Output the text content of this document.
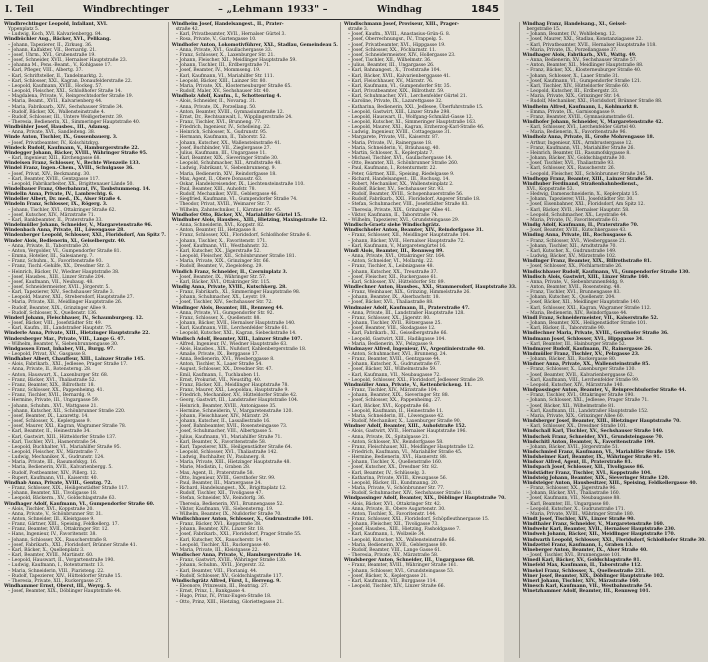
I. Teil	Windbrechtinger	– „Lehmann 1933" –	Windhag	1845
Windbrechtinger Leopold, Infallant, XVI.
Yppenplatz 5.
– Ludwig, Koch, XVI. Kalvarienbergg. 84.
Windbüchler Aug., Bäcker, XVI., Pelikang.
– Johann, Tapezierer, II., Zirkusg. 36.
– Johann, Kalfakter, VII., Bernardg. 21.
– Josef, Uhrm., XVI., Grubenstraße 19.
– Josef, Schneider, XVII., Hernalser Hauptstraße 23.
– Johanna M., Pens.-Beamt., V., Kohlgasse 17.
– Karl, Pfleger, VIII., Albertg. 37.
– Karl, Schriftsteller, II., Tandelmarktg. 2.
– Karl, Schlosser, XXI., Kagran, Donaufelderstraße 22.
– Leopold, Kaufmann, XVIII., Hockeg. 57.
– Leopold, Fleischer, XXI., Schloßhofer Straße 14.
– Magdalena, Private, V., Reinprechtsdorfer Straße 19.
– Maria, Beamt., XVII., Kalvarienberg 44.
– Maria, Fabriksarb., XIV., Sechshauser Straße 34.
– Rudolf, Bäcker, XX., Wallensteinstraße 4.
– Rudolf, Schlosser, III., Untere Weißgerberstr. 39.
– Theresia, Bedienerin, XI., Simmeringer Hauptstraße 40.
Windbühler Josef, Hausbes., III., Adamsg.
– Anna, Private, XVI., Sandleiteng. 38.
Winde Anton, Tischler, IX., Gussenbauerg. 3.
– Josef, Privatbeamter, IV., Kolschitzkyg.
Windeck Rudolf, Kaufmann, V., Hamburgerstraße 22.
Windegger Johann, Bäcker, XVIII., Währinger Straße 95.
– Karl, Ingenieur, XIII., Kirchengasse 68.
Windeisen Franz, Schlosser, V., Rechte Wienzeile 133.
Windel Franz, Ingen.-Chem., XVIII., Schulgasse 36.
– Josef, Privat, XIV., Beckmanng. 30.
– Karl, Beamter, XVIII., Gentzgasse 117.
– Leopold, Fabrikarbeiter, XX., Brigittenauer Lände 50.
Windelbauer Franz, Oberbahnrat, IV., Taubstummeng. 14.
Windelin Anna, Private, IV., Lambrechtg. 6.
Windeller Albert, Dr. med., IX., Alser Straße 4.
Windeln Franz, Schlosser, IX., Rögerg. 3.
– Johann, Tischler, XVI., Ottakringer Straße 62.
– Josef, Kutscher, XIV., Märzstraße 71.
– Karl, Bankbeamter, II., Praterstraße 33.
Windelmüller Johann, Schneider, V., Margaretenstraße 96.
Windenbach Anna, Private, III., Löwengasse 28.
Windenberger Leopold, Schlosser, XXI., Floridsdorf, Am Spitz 7.
Winder Alois, Bedienerin, XI., Geiselbergstr. 40.
– Anna, Private, II., Taborstraße 20.
– Anton, Vergolder, VI., Gumpendorfer Straße 81.
– Emma, Hotelier, III., Salesianerg. 7.
– Franz, Schuhm., X., Favoritenstraße 93.
– Franz, Tischl.-Gehilfe, XX., Dresdner Str. 3.
– Heinrich, Bäcker, IV., Wiedner Hauptstraße 38.
– Josef, Hausbes., XIII., Linzer Straße 204.
– Josef, Kaufmann, VII., Neubaug. 48.
– Josef, Schneidermeister, XVII., Jörgerstr. 5.
– Karl, Tapezierer, XIV., Sechshauser Straße 3.
– Leopold, Maurer, XXI., Strebersdorf, Hauptstraße 27.
– Maria, Private, XII., Meidlinger Hauptstraße 26.
– Rudolf, Beamter, XIX., Grinzinger Allee 9.
– Rudolf, Schlosser, X., Quellenstr. 136.
Winderl Johann, Fleischhauer, IV., Schaumburgerg. 12.
– Josef, Bäcker, VIII., Josefstädter Str. 49.
– Karl, Kaufm., III., Landstraßer Hauptstr. 75.
Winderle Anna, Private, XIII., Hietzinger Hauptstraße 22.
Windersberger Mar., Private, VIII., Lange G. 47.
– Wilhelm, Beamter, V., Siebenbrunnengasse 30.
Windgassen Ernst, Inhaber, VII., Burgg. 97.
– Leopold, Privat, XV., Gasgasse 8.
Windhaber Albert, Chauffeur, XIII., Lainzer Straße 145.
– Alois, Fabrikarb., XXI., Jedlesee, Prager Straße 17.
– Anna, Private, II., Rotensterng. 28.
– Anton, Hauswart, X., Laxenburger Str. 68.
– Franz, Bäcker, XVI., Thaliastraße 52.
– Franz, Beamter, XIX., Billrothstr. 18.
– Franz, Schlosser, XX., Pappenheimg. 41.
– Franz, Tischler, XVII., Bernardg. 9.
– Hermine, Private, III., Ungargasse 59.
– Johann, Schuhm., XVI., Wattgasse 21.
– Johann, Kutscher, XII., Schönbrunner Straße 220.
– Josef, Beamter, IX., Lazarettg. 14.
– Josef, Schlosser, X., Keplergasse 9.
– Josef, Maurer, XXI., Kagran, Wagramer Straße 78.
– Karl, Beamter, II., Heinestraße 34.
– Karl, Gastwirt, XIII., Hütteldorfer Straße 137.
– Karl, Tischler, XVI., Hasnerstraße 54.
– Leopold, Buchhalter, VI., Mariahilfer Straße 95.
– Leopold, Fleischer, XV., Märzstraße 7.
– Ludwig, Mechaniker, X., Gudrunstr. 124.
– Maria, Private, III., Rasumofskyg. 16.
– Maria, Bedienerin, XVII., Kalvarienbergg. 5.
– Rudolf, Postbeamter, XIV., Pillerg. 12.
– Rupert, Kaufmann, VII., Kaiserstr. 40.
Windhab Anna, Private, XVIII., Gentzg. 72.
– Franz, Schlosser, XIX., Heiligenstädter Straße 117.
– Johann, Beamter, XII., Tivoligasse 18.
– Leopold, Bäckerm., XV., Goldschlagstraße 63.
Windhager Adolf, Kaufmann, VI., Gumpendorfer Straße 60.
– Alois, Tischler, XVI., Koppstraße 20.
– Anna, Private, V., Schönbrunner Str. 31.
– Anton, Schneider, III., Kleistgasse 9.
– Franz, Gärtner, XIII., Speising, Feldkellerg. 17.
– Franz, Beamter, XVII., Ottakringer Str. 12.
– Hans, Ingenieur, IV., Favoritenstr. 38.
– Johann, Schlosser, XX., Rauscherstraße 8.
– Josef, Fabrikarb., XXI., Floridsdorf, Brünner Straße 41.
– Karl, Bäcker, X., Quellenplatz 3.
– Karl, Beamter, XVIII., Martinstr. 60.
– Leopold, Hauswart, II., Vorgartenstraße 190.
– Ludwig, Kaufmann, I., Rotenturmstr. 13.
– Maria, Schneiderin, VIII., Piaristeng. 22.
– Rudolf, Tapezierer, XIV., Hütteldorfer Straße 15.
– Theresia, Private, XII., Ruckergasse 27.
Windhammer Ernst, Oberst, III., Weyrg. 5.
– Josef, Beamter, XIX., Döblinger Hauptstraße 44.
Windheim Josef, Handelsangest., II., Prater-
straße 42.
– Karl, Privatbeamter, XVII., Hernalser Gürtel 3.
– Rosa, Private, V., Gartengasse 10.
Windhofer Anton, Lokomotivführer, XXI., Stadlau, Gemeindeau 5.
– Anna, Private, XVI., Gaullachergasse 33.
– Franz, Schlosser, X., Laxenburger Str. 21.
– Johann, Fleischer, XII., Meidlinger Hauptstraße 59.
– Johann, Tischler, III., Erdbergstraße 71.
– Josef, Beamter, IV., Mommseng. 19.
– Karl, Kaufmann, VI., Mariahilfer Str. 111.
– Leopold, Bäcker, XIII., Lainzer Str. 80.
– Maria, Private, XX., Klosterneuburger Straße 65.
– Rudolf, Maler, XV., Sechshauser Str. 40.
Windholz Adolf, Kaufm., I., Schottenring 4.
– Alois, Schneider, II., Novarag. 31.
– Anna, Private, IX., Porzellang. 50.
– Anton, Beamter, XVIII., Gymnasiumstraße 12.
– Ernst, Dr., Rechtsanwalt, I., Wipplingerstraße 24.
– Franz, Tischler, XVI., Brunneng. 77.
– Friedrich, Ingenieur, IV., Schelleing. 22.
– Heinrich, Schlosser, X., Gudrunstr. 95.
– Hermann, Kaufmann, II., Taborstr. 52.
– Johann, Kutscher, XX., Wallensteinstraße 41.
– Josef, Buchbinder, VII., Zieglergasse 27.
– Julius, Kaufmann, III., Ungargasse 11.
– Karl, Beamter, XIX., Sieveringer Straße 30.
– Leopold, Schuhmacher, XII., Arndtstraße 48.
– Ludwig, Fabrikant, V., Siebenbrunneng. 9.
– Maria, Bedienerin, XIV., Reindorfgasse 18.
– Max, Agent, II., Obere Donaustr. 63.
– Oskar, Handelsreisender, IX., Liechtensteinstraße 110.
– Paul, Beamter, XIII., Auhofstr. 78.
– Rudolf, Mechaniker, XVII., Geblergasse 46.
– Siegfried, Kaufmann, VI., Gumpendorfer Straße 74.
– Theodor, Privat, XVIII., Weimarer Str. 7.
– Wilhelm, Zahntechniker, I., Kärntner Str. 45.
Windhofer Otto, Bäcker, XV., Mariahilfer Gürtel 15.
Windhuber Alois, Hausbes., XIII., Hietzing, Maxingstraße 12.
– Anna, Schneiderin, XVI., Koppstr. 82.
– Anton, Beamter, III., Hetzgasse 8.
– Franz, Schlosser, XXI., Floridsdorf, Schloßhofer Straße 6.
– Johann, Tischler, X., Favoritenstr. 171.
– Josef, Kaufmann, VII., Westbahnstr. 32.
– Karl, Kutscher, XX., Jägerstraße 52.
– Leopold, Fleischer, XII., Schönbrunner Straße 181.
– Maria, Private, XIX., Grinzinger Str. 66.
– Rudolf, Beamter, V., Ziegelofeng. 29.
Windich Franz, Schneider, II., Czerninplatz 3.
– Josef, Beamter, IX., Währinger Str. 57.
– Karl, Bäcker, XVI., Ottakringer Str. 115.
Windig Anna, Private, XVIII., Kutschkerg. 28.
– Franz, Fabrikarb., XI., Simmeringer Hauptstraße 98.
– Johann, Schuhmacher, XX., Leystr. 19.
– Josef, Tischler, XIV., Sechshauser Str. 72.
Windinger Alois, Beamter, III., Rennweg 44.
– Anna, Private, VI., Gumpendorfer Str. 92.
– Franz, Schlosser, X., Quellenstr. 88.
– Johann, Bäcker, XVII., Hernalser Hauptstraße 140.
– Karl, Kaufmann, VIII., Lerchenfelder Straße 61.
– Leopold, Kutscher, XXI., Kagran, Siebeckstraße 14.
Windisch Adolf, Beamter, XIII., Lainzer Straße 107.
– Alfred, Ingenieur, IV., Wiedner Hauptstraße 63.
– Alois, Hausbes., XIX., Nußdorf, Kahlenbergerstraße 18.
– Amalie, Private, IX., Berggasse 17.
– Anna, Bedienerin, XVI., Wiesberggasse 8.
– Anton, Tischler, X., Laaer Straße 54.
– August, Schlosser, XX., Dresdner Str. 47.
– Emil, Kaufmann, I., Tuchlauben 11.
– Ernst, Prokurist, VII., Neustiftg. 40.
– Franz, Bäcker, XII., Meidlinger Hauptstraße 78.
– Franz, Maurer, XXI., Leopoldau, Hauptstraße 9.
– Friedrich, Mechaniker, XV., Hütteldorfer Straße 42.
– Georg, Gastwirt, III., Landstraßer Hauptstraße 104.
– Heinrich, Beamter, XVIII., Antonigasse 35.
– Hermine, Schneiderin, V., Margaretenstraße 120.
– Johann, Fleischhauer, XIV., Märzstr. 29.
– Johann, Kutscher, II., Lassallestraße 16.
– Josef, Bahnbeamter, XVII., Rosensteingasse 73.
– Josef, Schuhmacher, VIII., Albertgasse 5.
– Julius, Kaufmann, VI., Mariahilfer Straße 71.
– Karl, Beamter, X., Favoritenstraße 58.
– Karl, Tapezierer, XIX., Heiligenstädter Straße 64.
– Leopold, Schlosser, XVI., Thaliastraße 142.
– Ludwig, Buchhalter, IV., Paulanerg. 8.
– Maria, Private, XIII., Hietzinger Hauptstraße 48.
– Marie, Modistin, I., Graben 28.
– Max, Agent, II., Praterstraße 58.
– Otto, Ingenieur, XVIII., Gersthofer Str. 99.
– Paul, Beamter, III., Marxergasse 24.
– Richard, Handelsangest., XX., Brigittaplatz 12.
– Rudolf, Tischler, XII., Tivoligasse 47.
– Stefan, Schneider, XV., Reindorfg. 36.
– Theresia, Bedienerin, XVI., Brunnengasse 52.
– Viktor, Kaufmann, VII., Siebensterng. 19.
– Wilhelm, Beamter, IX., Nußdorfer Straße 70.
Windischbauer Anton, Schlosser, X., Gudrunstraße 101.
– Franz, Bäcker, XVI., Koppstraße 38.
– Johann, Beamter, XIV., Linzer Str. 18.
– Josef, Fabrikarb., XXI., Floridsdorf, Prager Straße 55.
– Karl, Kutscher, XX., Rauscherstr. 14.
– Leopold, Tischler, XII., Ruckergasse 40.
– Maria, Private, III., Kleistgasse 22.
Windischer Anna, Private, V., Hamburgerstraße 14.
– Franz, Gastwirt, XVIII., Währinger Straße 130.
– Johann, Schuhm., XVII., Jörgerstr. 32.
– Karl, Beamter, VIII., Florianig. 44.
– Rudolf, Schlosser, XV., Goldschlagstraße 117.
Windischgrätz Alfred, Fürst, I., Herreng. 9.
– Eleonore, Prinzessin, III., Beatrixg. 27.
– Ernst, Prinz, I., Bankgasse 4.
– Hugo, Prinz, IV., Prinz-Eugen-Straße 18.
– Otto, Prinz, XIII., Hietzing, Gloriettegasse 21.
Windischmann Josef, Proviseur, XIII., Prager-
straße 3.
– Josef, Kaufm., XVIII., Anastasius-Grün-G. 8.
– Josef, Oberrechnungsr., IV., Trappelg. 5.
– Josef, Privatbeamter, XVI., Hippgasse 19.
– Josef, Schlosser, XX., Pöchlarnstr. 11.
– Josef, Schneidermeister, XIV., Hollergasse 23.
– Josef, Tischler, XII., Wilhelmstr. 36.
– Julius, Beamter, III., Ungargasse 26.
– Karl, Bahnangest., X., Troststraße 104.
– Karl, Bäcker, XVII., Kalvarienberggasse 41.
– Karl, Fleischhauer, XV., Märzstr. 76.
– Karl, Kaufmann, VI., Gumpendorfer Str. 35.
– Karl, Privatbeamter, XIX., Billrothstr. 59.
– Karl, Schuhmacher, XVI., Lerchenfelder Gürtel 21.
– Karoline, Private, IX., Lazarettgasse 32.
– Katharina, Bedienerin, XXI., Jedlesee, Überfuhrstraße 15.
– Leopold, Gastwirt, XIII., Linzer Straße 298.
– Leopold, Hauswart, II., Wolfgang-Schmälzl-Gasse 12.
– Leopold, Kutscher, XI., Simmeringer Hauptstraße 163.
– Leopold, Maurer, XXI., Kagran, Erzherzog-Karl-Straße 46.
– Ludwig, Ingenieur, XVIII., Cottagegasse 31.
– Margarete, Private, VII., Kaiserstr. 87.
– Maria, Private, IV., Rainergasse 18.
– Maria, Schneiderin, V., Bräuhausg. 40.
– Martin, Schlosser, X., Keplerplatz 7.
– Michael, Tischler, XVI., Gaullachergasse 14.
– Otto, Beamter, XII., Schönbrunner Straße 260.
– Paul, Kaufmann, I., Rotenturmstr. 22.
– Peter, Gärtner, XIII., Speising, Riedelgasse 9.
– Richard, Handelsangest., III., Rochusg. 14.
– Robert, Mechaniker, XX., Wallensteinplatz 2.
– Rudolf, Bäcker, XV., Sechshauser Str. 93.
– Rudolf, Beamter, XVIII., Schopenhauerstraße 56.
– Rudolf, Fabrikarb., XXI., Floridsdorf, Angerer Straße 18.
– Stefan, Schuhmacher, VIII., Josefstädter Straße 83.
– Theresia, Private, XIX., Grinzinger Allee 41.
– Viktor, Kaufmann, II., Taborstraße 74.
– Wilhelm, Tapezierer, XVI., Grundsteingasse 29.
Windisch-Graetz siehe Windischgrätz.
Windischhofer Anton, Beamter, XIV., Reindorfgasse 31.
– Franz, Schlosser, XII., Meidlinger Hauptstraße 104.
– Johann, Bäcker, XVII., Hernalser Hauptstraße 72.
– Karl, Kaufmann, V., Margaretengürtel 16.
Windl Alois, Beamter, III., Rennweg 89.
– Anna, Private, XVI., Ottakringer Str. 164.
– Anton, Schneider, VI., Mollardg. 22.
– Franz, Tischler, X., Leibnizgasse 48.
– Johann, Kutscher, XX., Treustraße 37.
– Josef, Fleischer, XII., Ruckergasse 61.
– Karl, Schlosser, XV., Hütteldorfer Str. 89.
Windlechner Anton, Hausbes., XXI., Stammersdorf, Hauptstraße 33.
– Franz, Weinhauer, XIX., Grinzing, Himmelstraße 26.
– Johann, Beamter, IX., Alserbachstr. 18.
– Josef, Bäcker, XVI., Thaliastraße 88.
Windmaier Adolf, Kaufmann, II., Praterstraße 47.
– Anna, Private, III., Landstraßer Hauptstraße 128.
– Franz, Schlosser, XX., Jägerstr. 80.
– Johann, Tischler, XVII., Rötzergasse 25.
– Josef, Beamter, VIII., Skodagasse 12.
– Karl, Fabrikarb., XI., Geiselbergstraße 66.
– Leopold, Gastwirt, XIII., Hadikgasse 104.
– Maria, Bedienerin, XV., Pelzgasse 9.
Windmayer Alfred, Ingenieur, IV., Argentinierstraße 40.
– Anton, Schuhmacher, XVI., Brunneng. 24.
– Franz, Beamter, XVIII., Gentzgasse 44.
– Johann, Kutscher, X., Gudrunstraße 67.
– Josef, Bäcker, XII., Wilhelmstraße 59.
– Karl, Kaufmann, VII., Neubaugasse 72.
– Leopold, Schlosser, XXI., Floridsdorf, Jedleseer Straße 29.
Windmüller Anna, Private, V., Kettenbrückeng. 11.
– Franz, Tischler, XIV., Märzstraße 104.
– Johann, Beamter, XIX., Sieveringer Str. 88.
– Josef, Schlosser, XX., Pappenheimg. 27.
– Karl, Bäcker, XVI., Koppstraße 66.
– Leopold, Kaufmann, II., Heinestraße 11.
– Maria, Schneiderin, III., Löwengasse 42.
– Rudolf, Mechaniker, X., Laxenburger Straße 90.
Windner Adolf, Beamter, XIII., Auhofstraße 152.
– Alois, Gastwirt, XVII., Hernalser Hauptstraße 196.
– Anna, Private, IX., Spitalgasse 21.
– Anton, Schlosser, XV., Reindorfgasse 58.
– Franz, Fleischhauer, XII., Meidlinger Hauptstraße 12.
– Friedrich, Kaufmann, VI., Mariahilfer Straße 45.
– Hermine, Bedienerin, XVI., Hasnerstr. 88.
– Johann, Tischler, X., Quellenstraße 160.
– Josef, Kutscher, XX., Dresdner Str. 82.
– Karl, Beamter, IV., Schlüsselg. 3.
– Katharina, Private, XVIII., Kreuzgasse 56.
– Leopold, Bäcker, III., Kundmanng. 20.
– Maria, Private, V., Schönbrunner Str. 77.
– Rudolf, Schuhmacher, XIV., Sechshauser Straße 118.
Windpassinger Adolf, Beamter, XIX., Döblinger Hauptstraße 70.
– Alois, Bäcker, XVI., Ottakringer Str. 42.
– Anna, Private, II., Obere Augartenstr. 30.
– Anton, Tischler, X., Favoritenstr. 144.
– Franz, Schlosser, XXI., Floridsdorf, Schöpfleuthnergasse 15.
– Johann, Fleischer, XII., Tivoligasse 73.
– Josef, Hausbes., XIII., Hietzing, Fasholdgasse 7.
– Karl, Kaufmann, I., Wollzeile 34.
– Leopold, Kutscher, XX., Wallensteinstraße 66.
– Maria, Bedienerin, XVII., Geblergasse 80.
– Rudolf, Beamter, VIII., Lange Gasse 61.
– Theresia, Private, XV., Märzstraße 58.
Windsberger Anton, Schneider, III., Ungargasse 68.
– Franz, Beamter, XVIII., Währinger Straße 161.
– Johann, Schlosser, XVI., Grundsteingasse 53.
– Josef, Bäcker, X., Keplergasse 21.
– Karl, Kaufmann, VII., Burggasse 114.
– Leopold, Tischler, XIV., Linzer Straße 66.
Windhag Franz, Handelsang., XI., Geisel-
bergstraße 15.
– Johann, Beamter, IV., Wohllebeng. 12.
– Josef, Maurer, XXI., Stadlau, Konstanziagasse 22.
– Karl, Privatbeamter, XVII., Hernalser Hauptstraße 118.
– Maria, Private, IX., Porzellangasse 37.
Windhager Alois, Fabrikarb., XVI., Wattg. 49.
– Anna, Bedienerin, XV., Sechshauser Straße 57.
– Anton, Beamter, XII., Meidlinger Hauptstraße 88.
– Franz, Bäcker, XX., Klosterneuburger Straße 40.
– Johann, Schlosser, X., Laaer Straße 31.
– Josef, Kaufmann, VI., Gumpendorfer Straße 121.
– Karl, Tischler, XIV., Hütteldorfer Straße 60.
– Leopold, Kutscher, III., Erdbergstr. 33.
– Maria, Private, XIX., Grinzinger Str. 14.
– Rudolf, Mechaniker, XXI., Floridsdorf, Brünner Straße 88.
Windheim Alfred, Kaufmann, I., Kohlmarkt 8.
– Emma, Private, IX., Garnisongasse 9.
– Franz, Beamter, XVIII., Gymnasiumstraße 61.
Windhofer Johann, Schneider, V., Margaretenstraße 42.
– Karl, Schlosser, XVI., Lerchenfelder Gürtel 40.
– Maria, Bedienerin, X., Favoritenstraße 96.
Windholz Anna, Private, II., Große Mohrengasse 18.
– Arthur, Ingenieur, XIX., Armbrustergasse 12.
– Franz, Kaufmann, VII., Mariahilfer Straße 26.
– Heinrich, Beamter, III., Rasumofskygasse 8.
– Johann, Bäcker, XV., Goldschlagstraße 30.
– Josef, Tischler, XVI., Thaliastraße 93.
– Karl, Schlosser, XX., Rauscherstr. 26.
– Leopold, Fleischer, XII., Schönbrunner Straße 245.
Windhopp Franz, Beamter, XIII., Lainzer Straße 58.
Windhuber Ferdinand, Straßenbahnbedienst.,
XVI., Koppstraße 53.
– Hedwig, Damenschneiderin, X., Keplerplatz 15.
– Johann, Tapezierer, VIII., Josefstädter Str. 30.
– Josef, Eisenbahner, XXI., Floridsdorf, Am Spitz 12.
– Karl, Bäcker, XVII., Hernalser Hauptstr. 58.
– Leopold, Schuhmacher, XX., Leystraße 44.
– Maria, Private, IV., Favoritenstraße 61.
Windig Adolf, Kaufmann, II., Praterstraße 70.
– Josef, Beamter, XVIII., Kutschkergasse 43.
Winding Anna, Private, III., Rochusgasse 6.
– Franz, Schlosser, XVI., Wiesberggasse 21.
– Johann, Tischler, XII., Arndtstraße 70.
– Karl, Kutscher, X., Gudrunstraße 149.
– Ludwig, Bäcker, XV., Märzstraße 102.
Windinger Franz, Beamter, XIX., Billrothstraße 81.
– Josef, Schlosser, XX., Pöchlarnstraße 26.
Windischbauer Rudolf, Kaufmann, VI., Gumpendorfer Straße 130.
Windisch Alois, Gastwirt, XIII., Linzer Straße 160.
– Anna, Private, V., Siebenbrunnenfeldg. 9.
– Anton, Beamter, XVII., Rosensteing. 48.
– Franz, Tischler, XVI., Brunnengasse 83.
– Johann, Kutscher, X., Quellenstr. 204.
– Josef, Bäcker, XII., Meidlinger Hauptstraße 140.
– Karl, Schlosser, XXI., Kagran, Wagramer Straße 112.
– Maria, Bedienerin, XIV., Reindorfgasse 44.
Windl Franz, Schneidermeister, VII., Kaiserstraße 52.
– Johann, Beamter, XIX., Heiligenstädter Straße 101.
– Karl, Bäcker, II., Taborstraße 90.
Windlechner Maria, Private, XVIII., Gersthofer Straße 36.
Windmann Josef, Schlosser, XVI., Hippgasse 34.
– Karl, Beamter, III., Hainburger Straße 52.
Windmayer Rudolf, Kaufmann, IV., Rainergasse 26.
Windmüller Franz, Tischler, XV., Pelzgasse 23.
– Johann, Bäcker, XII., Ruckergasse 80.
Windner Anna, Private, XX., Wallensteinstraße 85.
– Franz, Schlosser, X., Laxenburger Straße 130.
– Josef, Beamter, XVII., Kalvarienberggasse 62.
– Karl, Kaufmann, VIII., Lerchenfelder Straße 99.
– Leopold, Kutscher, XIV., Märzstraße 140.
Windpassinger Anton, Beamter, V., Reinprechtsdorfer Straße 44.
– Franz, Tischler, XVI., Ottakringer Straße 190.
– Johann, Schlosser, XXI., Jedlesee, Prager Straße 71.
– Josef, Bäcker, XII., Wilhelmstraße 81.
– Karl, Kaufmann, III., Landstraßer Hauptstraße 152.
– Maria, Private, XIX., Grinzinger Allee 60.
Windsberger Josef, Beamter, XIII., Hietzinger Hauptstraße 70.
– Karl, Schlosser, XX., Dresdner Straße 101.
Windschall Karl, Tischler, XV., Sechshauser Straße 140.
Windschek Franz, Schneider, XVI., Grundsteingasse 70.
Windschitl Anton, Beamter, X., Favoritenstraße 199.
– Johann, Bäcker, XVII., Jörgerstraße 51.
Windschmied Franz, Kaufmann, VI., Mariahilfer Straße 159.
Windsheimer Karl, Beamter, IX., Währinger Straße 91.
Windsor Alfred, Agent, II., Praterstraße 81.
Windspach Josef, Schlosser, XII., Tivoligasse 86.
Windstädter Franz, Tischler, XVI., Koppstraße 104.
Windsteig Johann, Beamter, XIX., Sieveringer Straße 120.
Windsteiger Anton, Hausbesitzer, XIII., Speising, Feldkellergasse 40.
– Franz, Schlosser, XX., Jägerstraße 96.
– Johann, Bäcker, XVI., Thaliastraße 160.
– Josef, Kaufmann, VII., Neubaugasse 88.
– Karl, Beamter, III., Ungargasse 80.
– Leopold, Kutscher, X., Gudrunstraße 171.
– Maria, Private, XVIII., Währinger Straße 180.
Windt Josef, Tischler, XIV., Linzer Straße 90.
Windthaler Franz, Schneider, V., Margaretenstraße 160.
Windwehr Karl, Beamter, XVII., Hernalser Hauptstraße 230.
Windweh Johann, Bäcker, XII., Meidlinger Hauptstraße 170.
Windwarth Leopold, Schlosser, XXI., Floridsdorf, Schloßhofer Straße 30.
Windzettel Franz, Kaufmann, I., Graben 13.
Wineberger Anton, Beamter, IX., Alser Straße 40.
– Josef, Tischler, XVI., Brunnengasse 101.
Winedl Karl, Bäcker, XV., Goldschlagstraße 81.
Winefeld Max, Kaufmann, II., Taborstraße 112.
Winekel Franz, Schlosser, X., Quellenstraße 231.
Winer Josef, Beamter, XIX., Döblinger Hauptstraße 102.
Winerl Johann, Tischler, XIV., Märzstraße 160.
Winesch Karl, Kaufmann, VII., Westbahnstraße 54.
Winetzhammer Adolf, Beamter, III., Rennweg 101.
